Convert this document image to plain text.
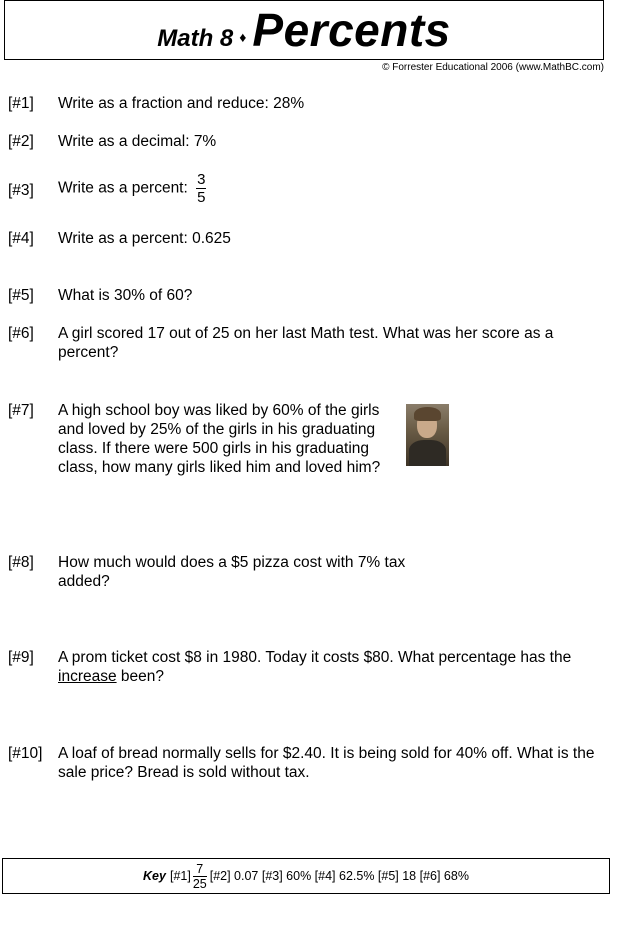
Math 8 ♦ Percents
© Forrester Educational 2006 (www.MathBC.com)
[#1] Write as a fraction and reduce: 28%
[#2] Write as a decimal: 7%
[#3] Write as a percent: $\frac{3}{5}$
[#4] Write as a percent: 0.625
[#5] What is 30% of 60?
[#6] A girl scored 17 out of 25 on her last Math test. What was her score as a percent?
[#7] A high school boy was liked by 60% of the girls and loved by 25% of the girls in his graduating class. If there were 500 girls in his graduating class, how many girls liked him and loved him?
[#8] How much would does a $5 pizza cost with 7% tax added?
[#9] A prom ticket cost $8 in 1980. Today it costs $80. What percentage has the increase been?
[#10] A loaf of bread normally sells for $2.40. It is being sold for 40% off. What is the sale price? Bread is sold without tax.
Key [#1] $\frac{7}{25}$ [#2] 0.07 [#3] 60% [#4] 62.5% [#5] 18 [#6] 68%
